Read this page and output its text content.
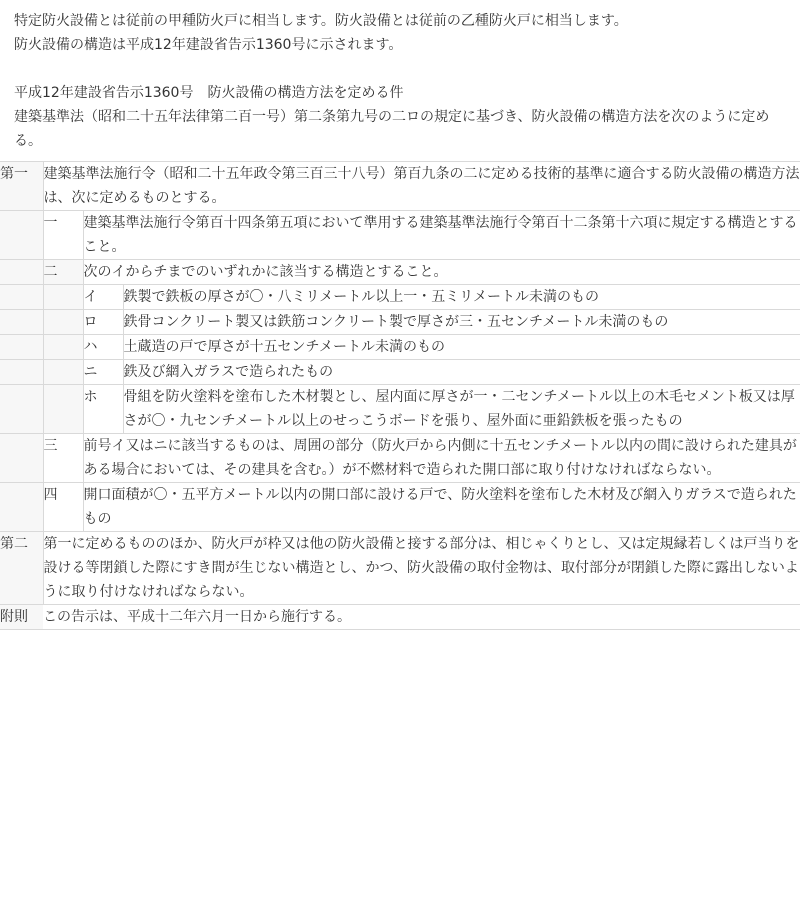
特定防火設備とは従前の甲種防火戸に相当します。防火設備とは従前の乙種防火戸に相当します。

防火設備の構造は平成12年建設省告示1360号に示されます。

平成12年建設省告示1360号　防火設備の構造方法を定める件

建築基準法（昭和二十五年法律第二百一号）第二条第九号の二ロの規定に基づき、防火設備の構造方法を次のように定める。

第一	建築基準法施行令（昭和二十五年政令第三百三十八号）第百九条の二に定める技術的基準に適合する防火設備の構造方法は、次に定めるものとする。		
	一	建築基準法施行令第百十四条第五項において準用する建築基準法施行令第百十二条第十六項に規定する構造とすること。	
	二	次のイからチまでのいずれかに該当する構造とすること。	
		イ	鉄製で鉄板の厚さが〇・八ミリメートル以上一・五ミリメートル未満のもの
		ロ	鉄骨コンクリート製又は鉄筋コンクリート製で厚さが三・五センチメートル未満のもの
		ハ	土蔵造の戸で厚さが十五センチメートル未満のもの
		ニ	鉄及び網入ガラスで造られたもの
		ホ	骨組を防火塗料を塗布した木材製とし、屋内面に厚さが一・二センチメートル以上の木毛セメント板又は厚さが〇・九センチメートル以上のせっこうボードを張り、屋外面に亜鉛鉄板を張ったもの
	三	前号イ又はニに該当するものは、周囲の部分（防火戸から内側に十五センチメートル以内の間に設けられた建具がある場合においては、その建具を含む。）が不燃材料で造られた開口部に取り付けなければならない。	
	四	開口面積が〇・五平方メートル以内の開口部に設ける戸で、防火塗料を塗布した木材及び網入りガラスで造られたもの	
第二	第一に定めるもののほか、防火戸が枠又は他の防火設備と接する部分は、相じゃくりとし、又は定規縁若しくは戸当りを設ける等閉鎖した際にすき間が生じない構造とし、かつ、防火設備の取付金物は、取付部分が閉鎖した際に露出しないように取り付けなければならない。		
附則	この告示は、平成十二年六月一日から施行する。		
